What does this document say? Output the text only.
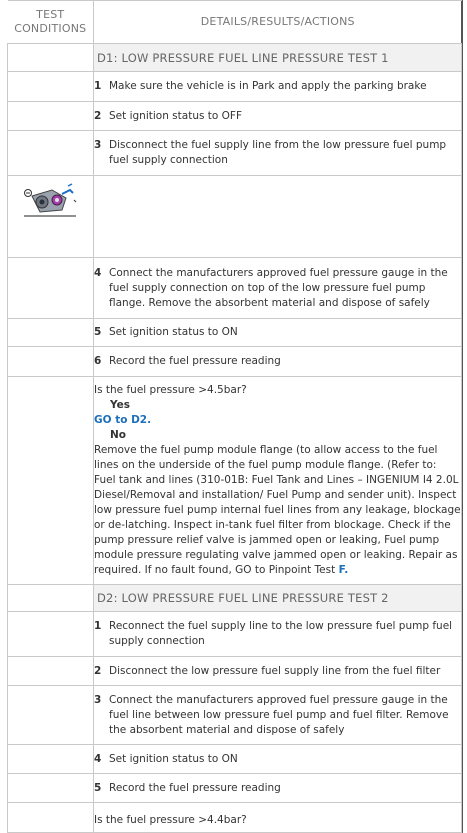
TEST CONDITIONS	DETAILS/RESULTS/ACTIONS
	D1: LOW PRESSURE FUEL LINE PRESSURE TEST 1

	1 Make sure the vehicle is in Park and apply the parking brake

	2 Set ignition status to OFF

	3 Disconnect the fuel supply line from the low pressure fuel pump fuel supply connection

	4 Connect the manufacturers approved fuel pressure gauge in the fuel supply connection on top of the low pressure fuel pump flange. Remove the absorbent material and dispose of safely

	5 Set ignition status to ON

	6 Record the fuel pressure reading

	Is the fuel pressure >4.5bar?
Yes
GO to D2.
No
Remove the fuel pump module flange (to allow access to the fuel lines on the underside of the fuel pump module flange. (Refer to: Fuel tank and lines (310-01B: Fuel Tank and Lines – INGENIUM I4 2.0L Diesel/Removal and installation/ Fuel Pump and sender unit). Inspect low pressure fuel pump internal fuel lines from any leakage, blockage or de-latching. Inspect in-tank fuel filter from blockage. Check if the pump pressure relief valve is jammed open or leaking, Fuel pump module pressure regulating valve jammed open or leaking. Repair as required. If no fault found, GO to Pinpoint Test F.

	D2: LOW PRESSURE FUEL LINE PRESSURE TEST 2

	1 Reconnect the fuel supply line to the low pressure fuel pump fuel supply connection

	2 Disconnect the low pressure fuel supply line from the fuel filter

	3 Connect the manufacturers approved fuel pressure gauge in the fuel line between low pressure fuel pump and fuel filter. Remove the absorbent material and dispose of safely

	4 Set ignition status to ON

	5 Record the fuel pressure reading

	Is the fuel pressure >4.4bar?
